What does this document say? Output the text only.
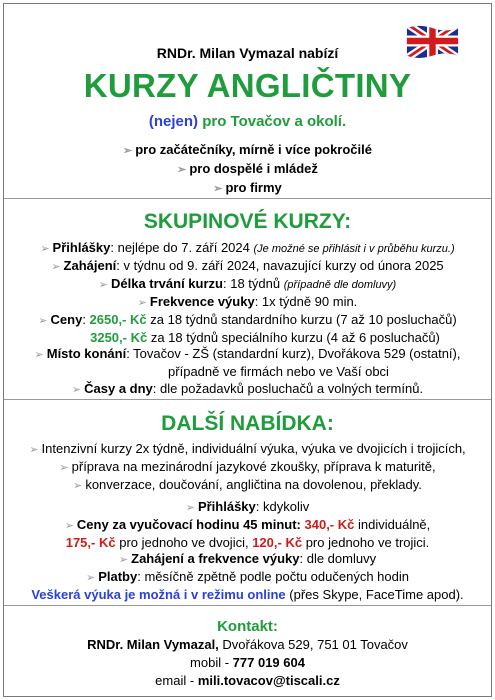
RNDr. Milan Vymazal nabízí
KURZY ANGLIČTINY
(nejen) pro Tovačov a okolí.
➢ pro začátečníky, mírně i více pokročilé
➢ pro dospělé i mládež
➢ pro firmy
SKUPINOVÉ KURZY:
➢ Přihlášky: nejlépe do 7. září 2024 (Je možné se přihlásit i v průběhu kurzu.)
➢ Zahájení: v týdnu od 9. září 2024, navazující kurzy od února 2025
➢ Délka trvání kurzu: 18 týdnů (případně dle domluvy)
➢ Frekvence výuky: 1x týdně 90 min.
➢ Ceny: 2650,- Kč za 18 týdnů standardního kurzu (7 až 10 posluchačů)
3250,- Kč za 18 týdnů speciálního kurzu (4 až 6 posluchačů)
➢ Místo konání: Tovačov - ZŠ (standardní kurz), Dvořákova 529 (ostatní),
případně ve firmách nebo ve Vaší obci
➢ Časy a dny: dle požadavků posluchačů a volných termínů.
DALŠÍ NABÍDKA:
➢ Intenzivní kurzy 2x týdně, individuální výuka, výuka ve dvojicích i trojicích,
➢ příprava na mezinárodní jazykové zkoušky, příprava k maturitě,
➢ konverzace, doučování, angličtina na dovolenou, překlady.
➢ Přihlášky: kdykoliv
➢ Ceny za vyučovací hodinu 45 minut: 340,- Kč individuálně,
175,- Kč pro jednoho ve dvojici, 120,- Kč pro jednoho ve trojici.
➢ Zahájení a frekvence výuky: dle domluvy
➢ Platby: měsíčně zpětně podle počtu odučených hodin
Veškerá výuka je možná i v režimu online (přes Skype, FaceTime apod).
Kontakt:
RNDr. Milan Vymazal, Dvořákova 529, 751 01 Tovačov
mobil - 777 019 604
email - mili.tovacov@tiscali.cz
